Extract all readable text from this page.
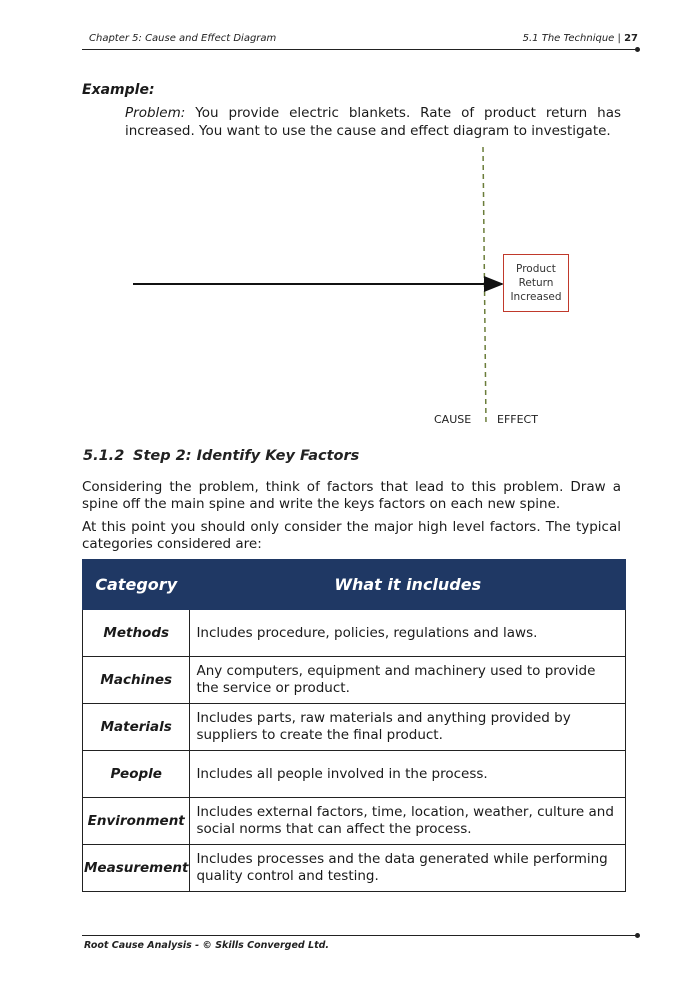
Chapter 5: Cause and Effect Diagram	5.1 The Technique | 27
Example:
Problem: You provide electric blankets. Rate of product return has increased. You want to use the cause and effect diagram to investigate.
Product
Return
Increased
CAUSE EFFECT
5.1.2 Step 2: Identify Key Factors
Considering the problem, think of factors that lead to this problem. Draw a spine off the main spine and write the keys factors on each new spine.
At this point you should only consider the major high level factors. The typical categories considered are:
Category	What it includes
Methods	Includes procedure, policies, regulations and laws.
Machines	Any computers, equipment and machinery used to provide the service or product.
Materials	Includes parts, raw materials and anything provided by suppliers to create the final product.
People	Includes all people involved in the process.
Environment	Includes external factors, time, location, weather, culture and social norms that can affect the process.
Measurement	Includes processes and the data generated while performing quality control and testing.
Root Cause Analysis - © Skills Converged Ltd.
